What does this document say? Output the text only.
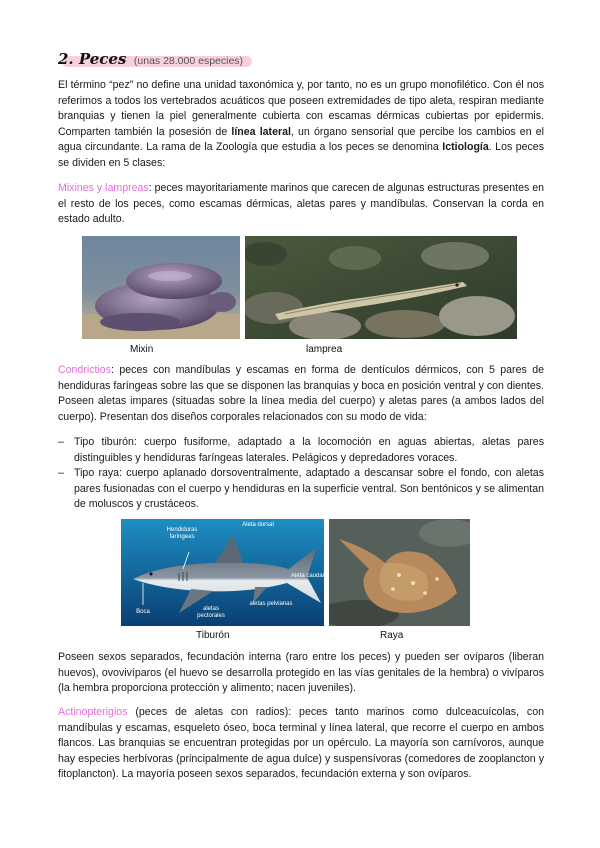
2. Peces (unas 28.000 especies)

El término “pez” no define una unidad taxonómica y, por tanto, no es un grupo monofilético. Con él nos referimos a todos los vertebrados acuáticos que poseen extremidades de tipo aleta, respiran mediante branquias y tienen la piel generalmente cubierta con escamas dérmicas cubiertas por epidermis. Comparten también la posesión de línea lateral, un órgano sensorial que percibe los cambios en el agua circundante. La rama de la Zoología que estudia a los peces se denomina Ictiología. Los peces se dividen en 5 clases:

Mixines y lampreas: peces mayoritariamente marinos que carecen de algunas estructuras presentes en el resto de los peces, como escamas dérmicas, aletas pares y mandíbulas. Conservan la corda en estado adulto.

Mixin	lamprea

Condrictios: peces con mandíbulas y escamas en forma de dentículos dérmicos, con 5 pares de hendiduras faríngeas sobre las que se disponen las branquias y boca en posición ventral y con dientes. Poseen aletas impares (situadas sobre la línea media del cuerpo) y aletas pares (a ambos lados del cuerpo). Presentan dos diseños corporales relacionados con su modo de vida:

– Tipo tiburón: cuerpo fusiforme, adaptado a la locomoción en aguas abiertas, aletas pares distinguibles y hendiduras faríngeas laterales. Pelágicos y depredadores voraces.
– Tipo raya: cuerpo aplanado dorsoventralmente, adaptado a descansar sobre el fondo, con aletas pares fusionadas con el cuerpo y hendiduras en la superficie ventral. Son bentónicos y se alimentan de moluscos y crustáceos.
Hendiduras faríngeas
Aleta dorsal
Aleta caudal
Boca	aletas pectorales
aletas pelvianas
Tiburón	Raya

Poseen sexos separados, fecundación interna (raro entre los peces) y pueden ser ovíparos (liberan huevos), ovovivíparos (el huevo se desarrolla protegido en las vías genitales de la hembra) o vivíparos (la hembra proporciona protección y alimento; nacen juveniles).

Actinopterigios (peces de aletas con radios): peces tanto marinos como dulceacuícolas, con mandíbulas y escamas, esqueleto óseo, boca terminal y línea lateral, que recorre el cuerpo en ambos flancos. Las branquias se encuentran protegidas por un opérculo. La mayoría son carnívoros, aunque hay especies herbívoras (principalmente de agua dulce) y suspensívoras (comedores de zooplancton y fitoplancton). La mayoría poseen sexos separados, fecundación externa y son ovíparos.
